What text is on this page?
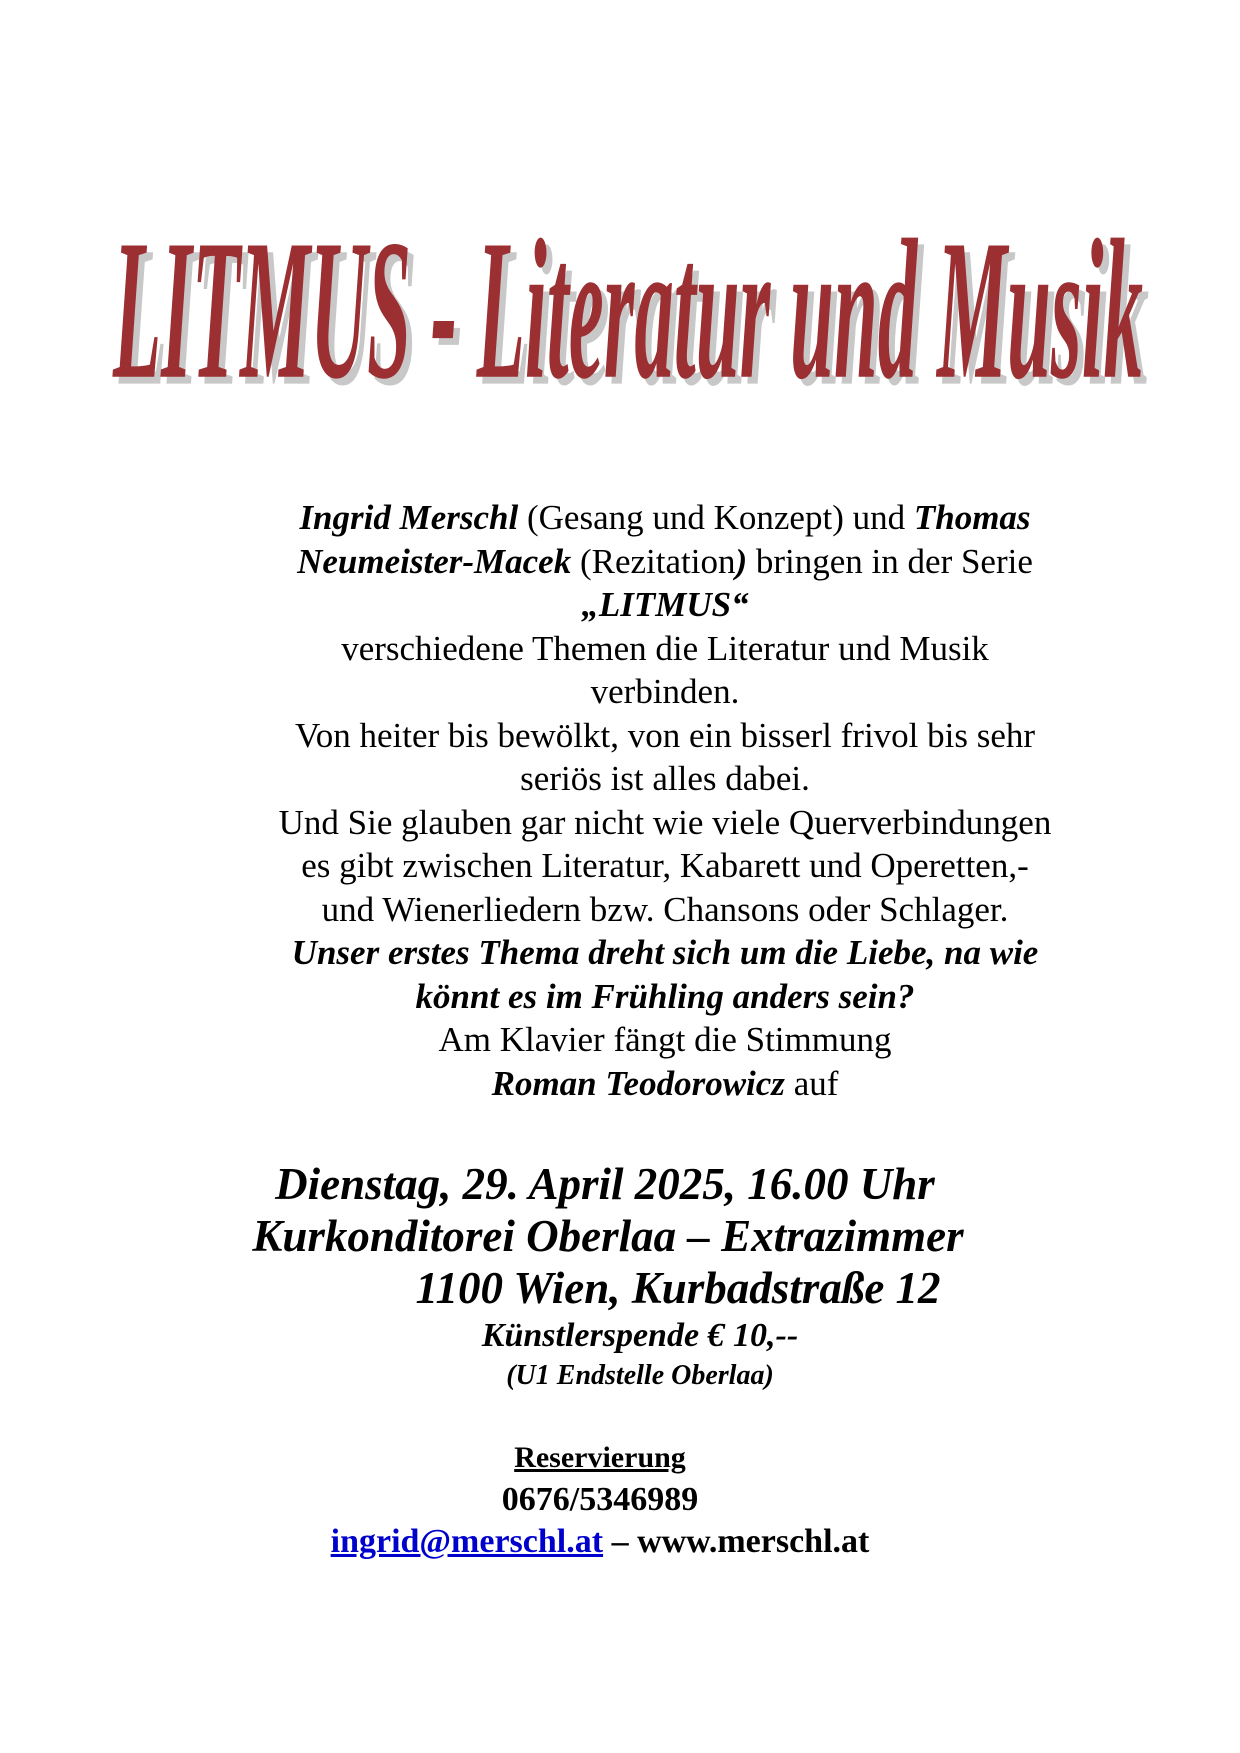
LITMUS - Literatur und Musik
LITMUS - Literatur und Musik
Ingrid Merschl (Gesang und Konzept) und Thomas
Neumeister-Macek (Rezitation) bringen in der Serie
„LITMUS“
verschiedene Themen die Literatur und Musik
verbinden.
Von heiter bis bewölkt, von ein bisserl frivol bis sehr
seriös ist alles dabei.
Und Sie glauben gar nicht wie viele Querverbindungen
es gibt zwischen Literatur, Kabarett und Operetten,-
und Wienerliedern bzw. Chansons oder Schlager.
Unser erstes Thema dreht sich um die Liebe, na wie
könnt es im Frühling anders sein?
Am Klavier fängt die Stimmung
Roman Teodorowicz auf
Dienstag, 29. April 2025, 16.00 Uhr
Kurkonditorei Oberlaa – Extrazimmer
1100 Wien, Kurbadstraße 12
Künstlerspende € 10,--
(U1 Endstelle Oberlaa)
Reservierung
0676/5346989
ingrid@merschl.at – www.merschl.at
